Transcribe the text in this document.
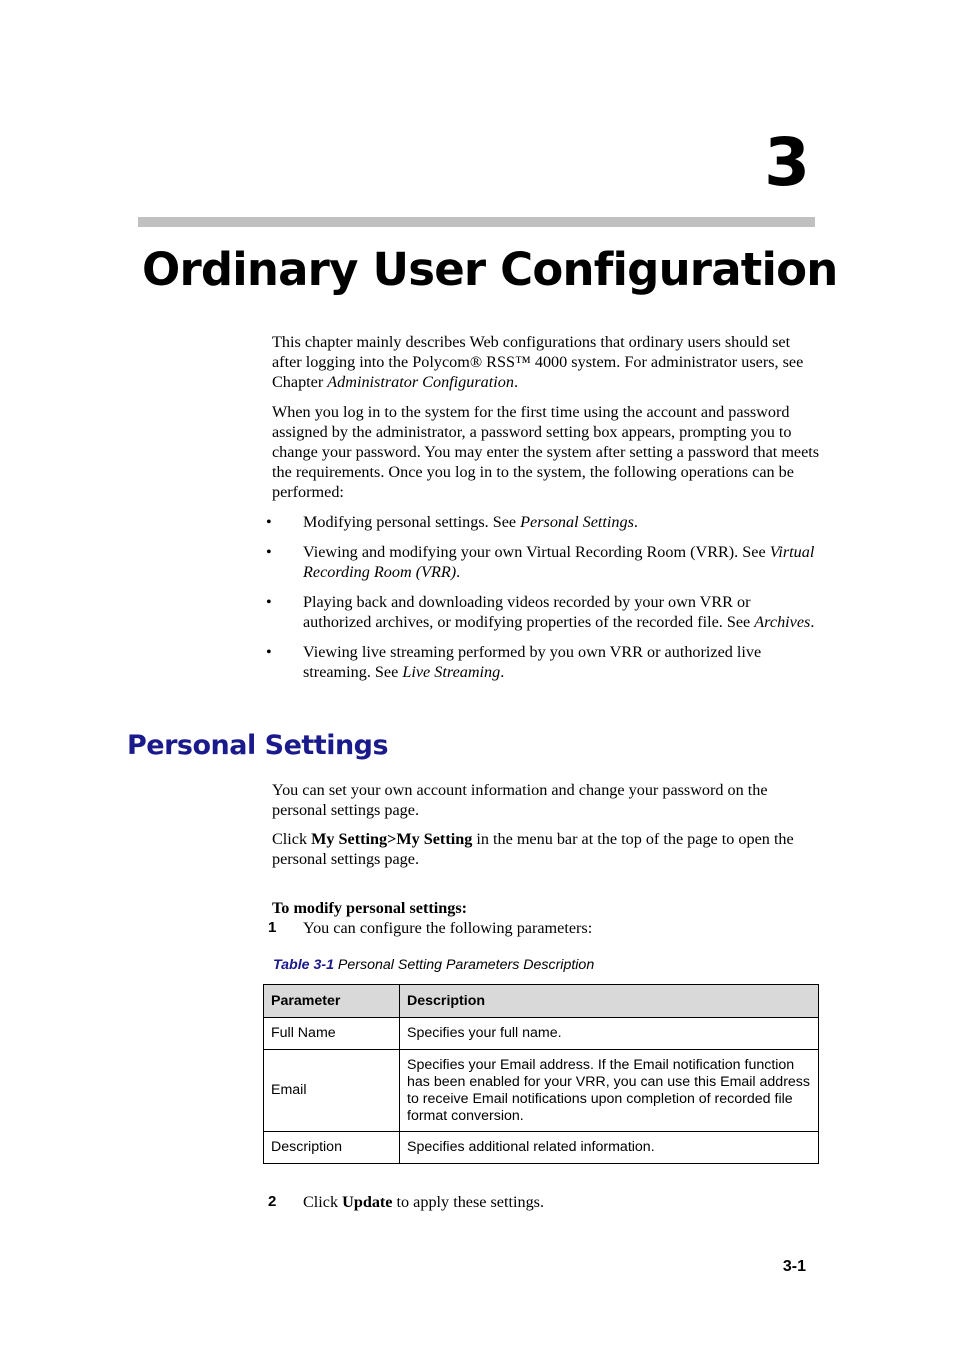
3
Ordinary User Configuration

This chapter mainly describes Web configurations that ordinary users should set after logging into the Polycom® RSS™ 4000 system. For administrator users, see Chapter Administrator Configuration.

When you log in to the system for the first time using the account and password assigned by the administrator, a password setting box appears, prompting you to change your password. You may enter the system after setting a password that meets the requirements. Once you log in to the system, the following operations can be performed:

• Modifying personal settings. See Personal Settings.
• Viewing and modifying your own Virtual Recording Room (VRR). See Virtual Recording Room (VRR).
• Playing back and downloading videos recorded by your own VRR or authorized archives, or modifying properties of the recorded file. See Archives.
• Viewing live streaming performed by you own VRR or authorized live streaming. See Live Streaming.
Personal Settings

You can set your own account information and change your password on the personal settings page.

Click My Setting>My Setting in the menu bar at the top of the page to open the personal settings page.

To modify personal settings:

1 You can configure the following parameters:
Table 3-1 Personal Setting Parameters Description
Parameter	Description
Full Name	Specifies your full name.
Email	Specifies your Email address. If the Email notification function has been enabled for your VRR, you can use this Email address to receive Email notifications upon completion of recorded file format conversion.
Description	Specifies additional related information.
2 Click Update to apply these settings.
3-1
